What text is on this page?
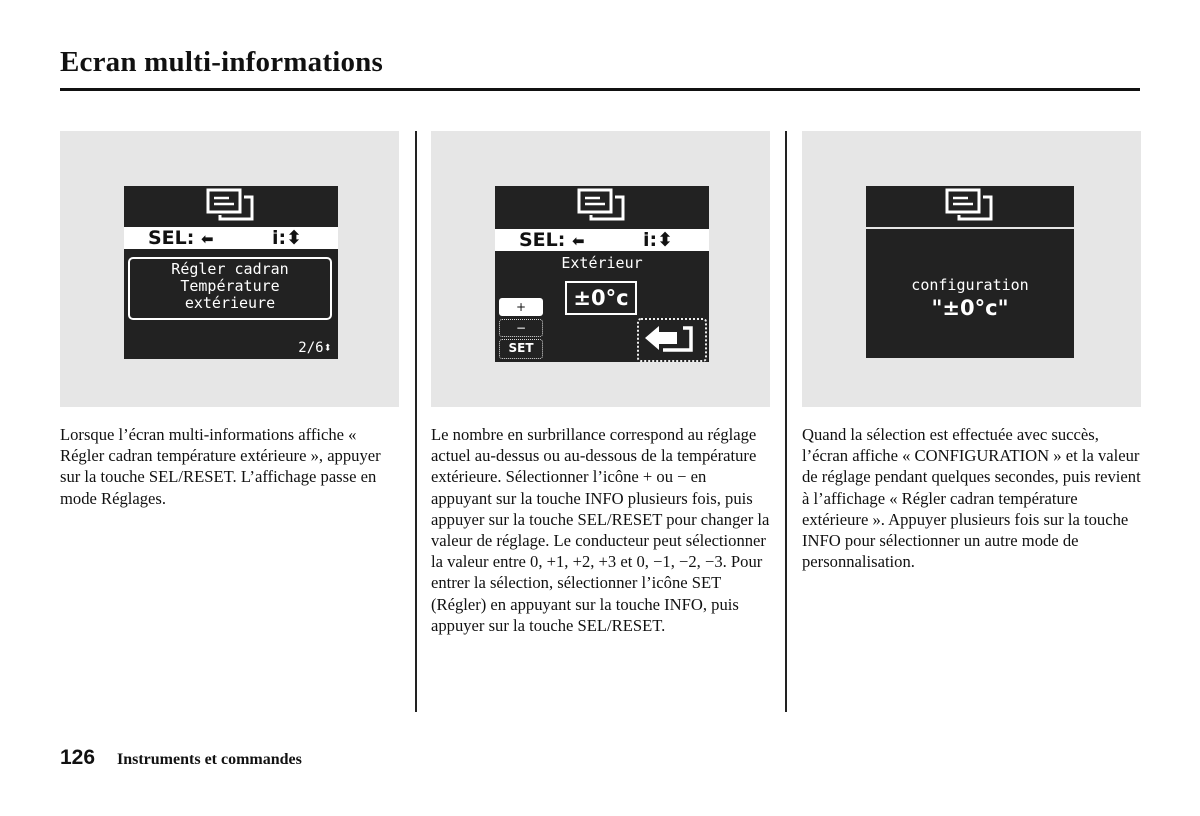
Ecran multi-informations
SEL: ⬅	i:⬍
Régler cadran
Température
extérieure
2/6⬍
SEL: ⬅	i:⬍
Extérieur
±0°c
+
−
SET
configuration
"±0°c"
Lorsque l’écran multi-informations affiche « Régler cadran température extérieure », appuyer sur la touche SEL/RESET. L’affichage passe en mode Réglages.
Le nombre en surbrillance correspond au réglage actuel au-dessus ou au-dessous de la température extérieure. Sélectionner l’icône + ou − en appuyant sur la touche INFO plusieurs fois, puis appuyer sur la touche SEL/RESET pour changer la valeur de réglage. Le conducteur peut sélectionner la valeur entre 0, +1, +2, +3 et 0, −1, −2, −3. Pour entrer la sélection, sélectionner l’icône SET (Régler) en appuyant sur la touche INFO, puis appuyer sur la touche SEL/RESET.
Quand la sélection est effectuée avec succès, l’écran affiche « CONFIGURATION » et la valeur de réglage pendant quelques secondes, puis revient à l’affichage « Régler cadran température extérieure ». Appuyer plusieurs fois sur la touche INFO pour sélectionner un autre mode de personnalisation.
126 Instruments et commandes
